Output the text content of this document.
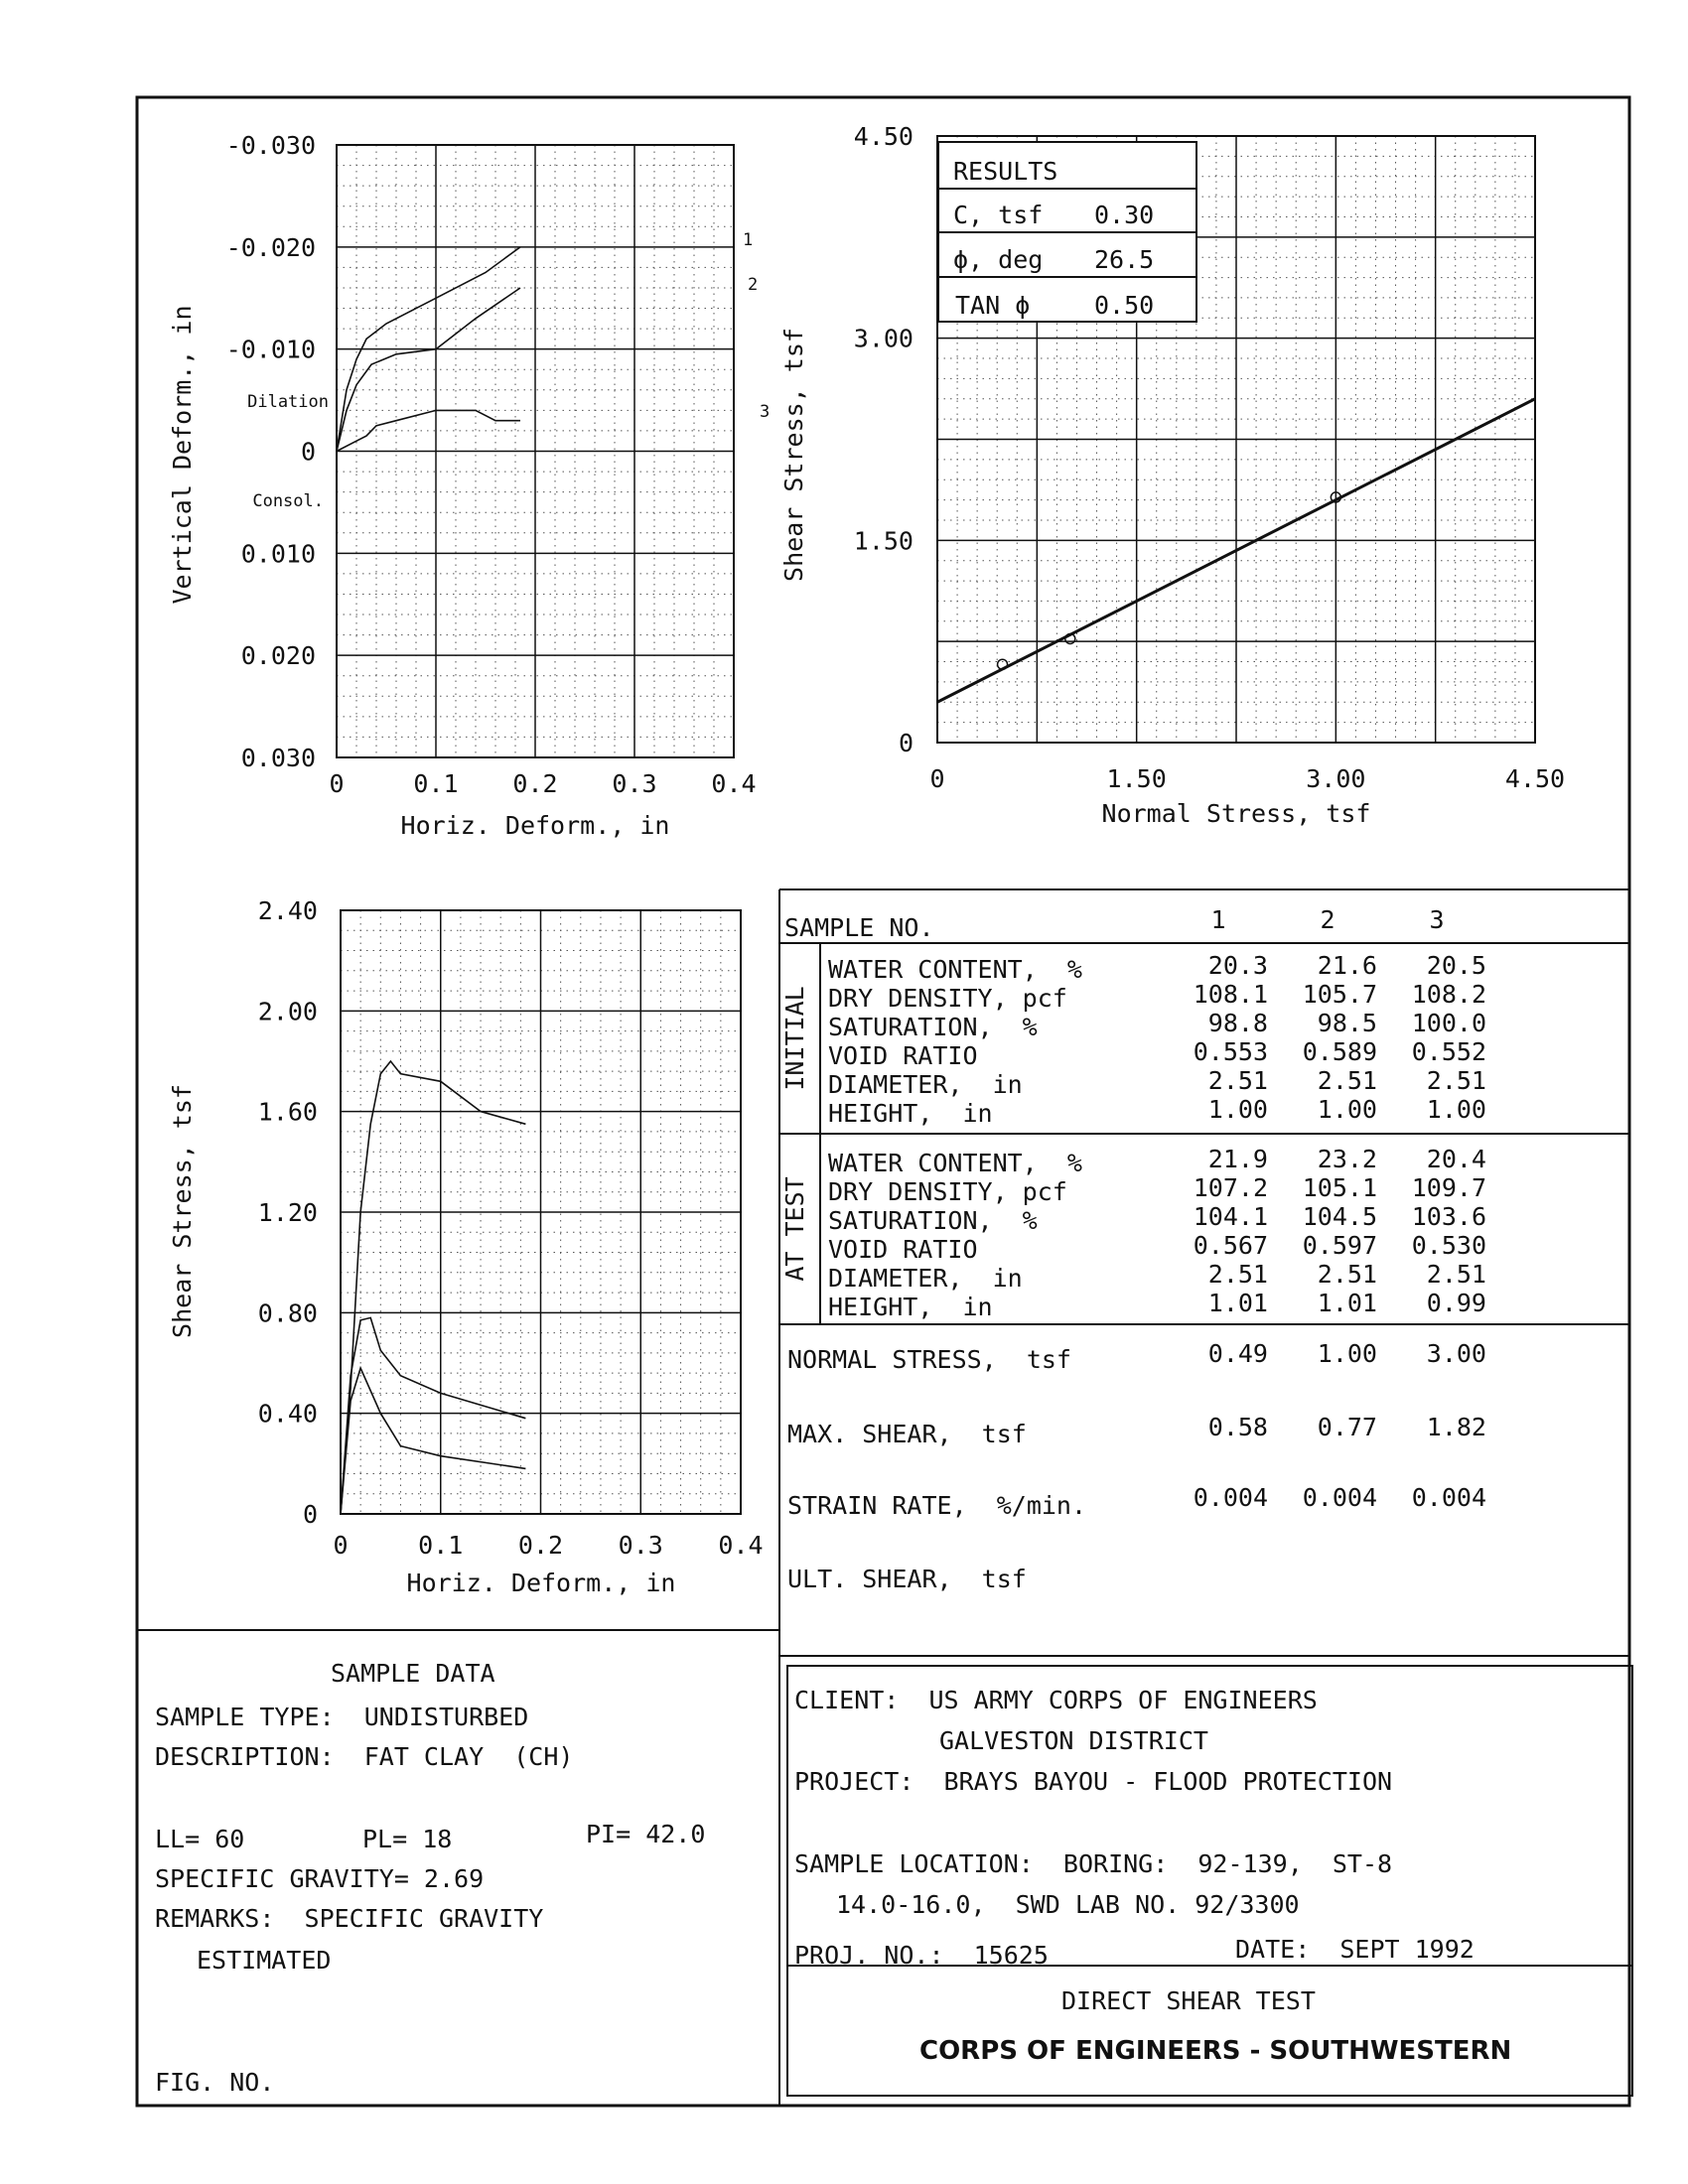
-0.030
-0.020
-0.010
0
0.010
0.020
0.030
0	0.1 0.2 0.3 0.4
Horiz. Deform., in
Vertical Deform., in	Dilation
Consol.
1
2
3
0
1.50
3.00
4.50
0	1.50	3.00	4.50
Normal Stress, tsf
Shear Stress, tsf
0
0.40
0.80
1.20
1.60
2.00
2.40
0	0.1 0.2 0.3 0.4
Horiz. Deform., in
Shear Stress, tsf
RESULTS
C, tsf 0.30
ϕ, deg 26.5
TAN ϕ	0.50
INITIAL
AT TEST
SAMPLE NO.	1	2	3
WATER CONTENT,  %	20.3	21.6	20.5
DRY DENSITY, pcf	108.1	105.7	108.2
SATURATION,  %	98.8	98.5	100.0
VOID RATIO	0.553	0.589	0.552
DIAMETER,  in	2.51	2.51	2.51
HEIGHT,  in	1.00	1.00	1.00
WATER CONTENT,  %	21.9	23.2	20.4
DRY DENSITY, pcf	107.2	105.1	109.7
SATURATION,  %	104.1	104.5	103.6
VOID RATIO	0.567	0.597	0.530
DIAMETER,  in	2.51	2.51	2.51
HEIGHT,  in	1.01	1.01	0.99
NORMAL STRESS,  tsf	0.49	1.00	3.00
MAX. SHEAR,  tsf	0.58	0.77	1.82
STRAIN RATE,  %/min.	0.004	0.004	0.004
ULT. SHEAR,  tsf
SAMPLE DATA
SAMPLE TYPE:  UNDISTURBED
DESCRIPTION:  FAT CLAY  (CH)
LL= 60	PL= 18	PI= 42.0
SPECIFIC GRAVITY= 2.69
REMARKS:  SPECIFIC GRAVITY
ESTIMATED
FIG. NO.
CLIENT:  US ARMY CORPS OF ENGINEERS
GALVESTON DISTRICT
PROJECT:  BRAYS BAYOU - FLOOD PROTECTION
SAMPLE LOCATION:  BORING:  92-139,  ST-8
14.0-16.0,  SWD LAB NO. 92/3300
PROJ. NO.:  15625	DATE:  SEPT 1992
DIRECT SHEAR TEST
CORPS OF ENGINEERS - SOUTHWESTERN
